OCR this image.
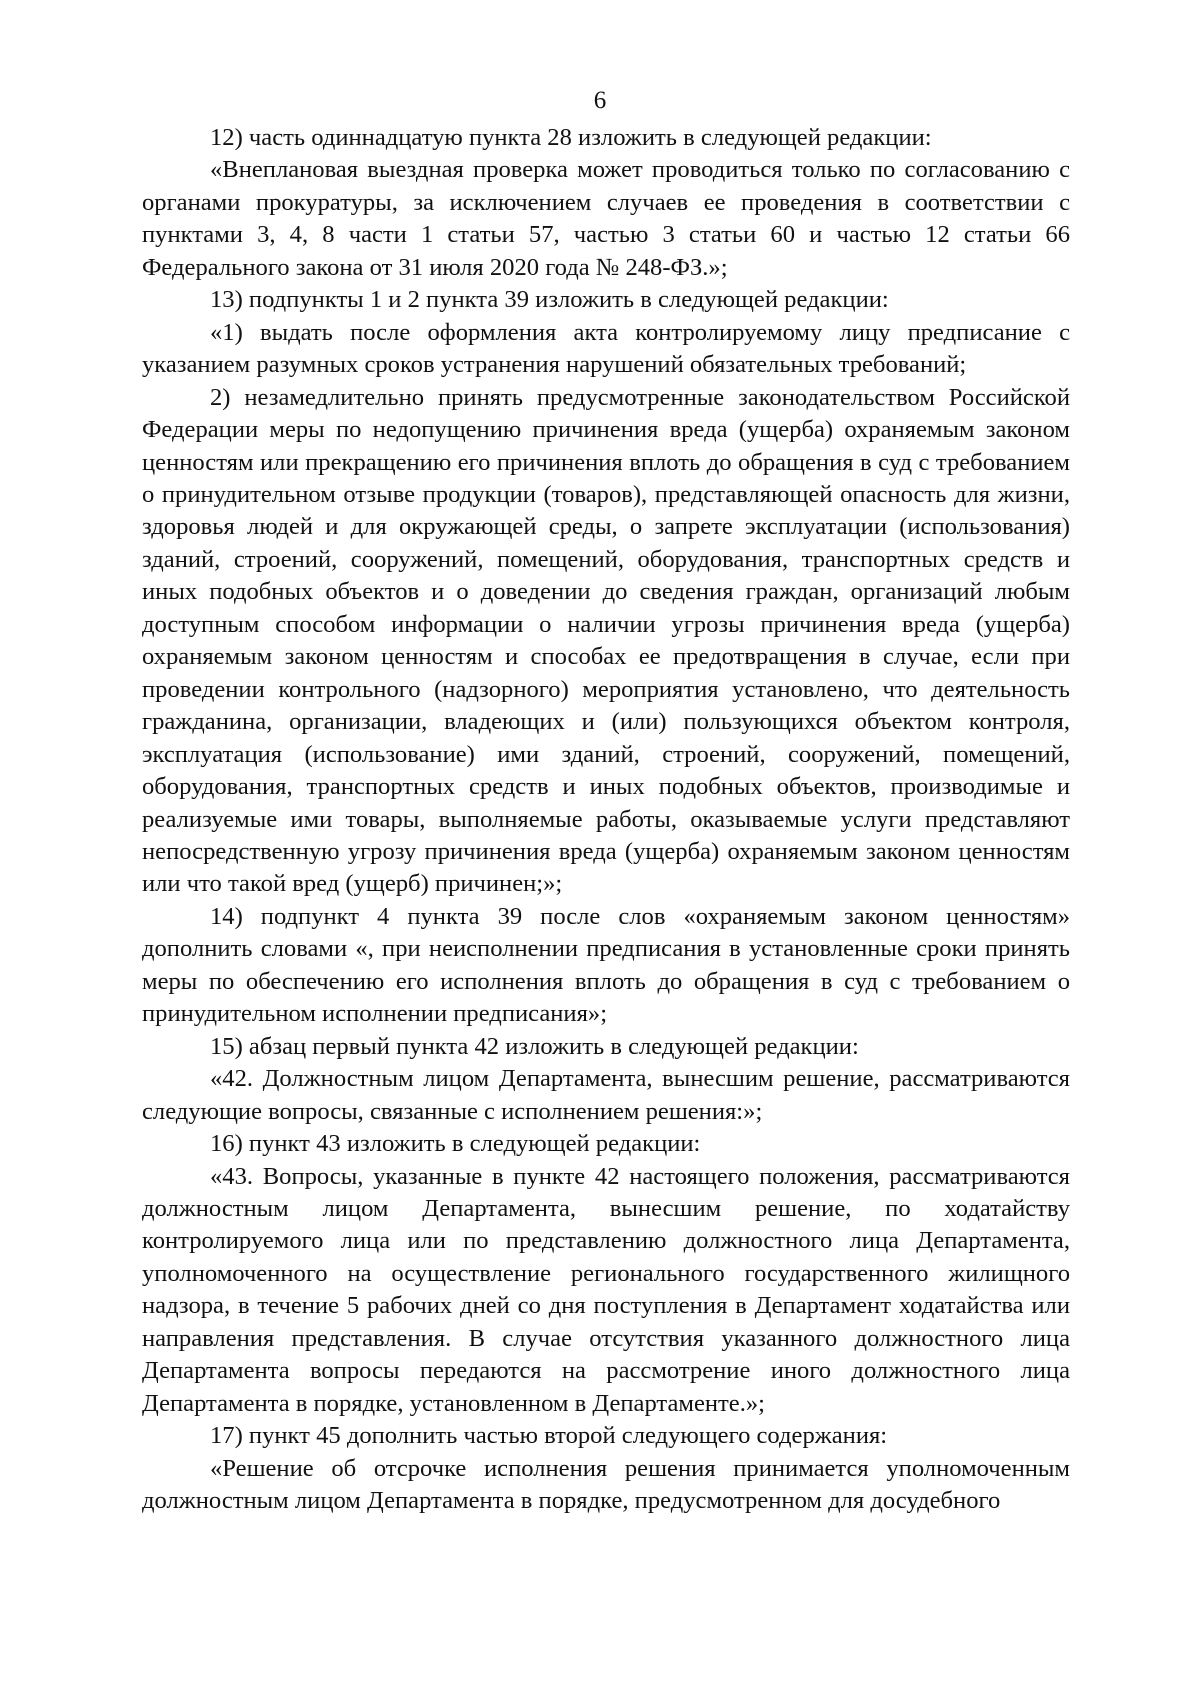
6

12) часть одиннадцатую пункта 28 изложить в следующей редакции:

«Внеплановая выездная проверка может проводиться только по согласованию с органами прокуратуры, за исключением случаев ее проведения в соответствии с пунктами 3, 4, 8 части 1 статьи 57, частью 3 статьи 60 и частью 12 статьи 66 Федерального закона от 31 июля 2020 года № 248-ФЗ.»;

13) подпункты 1 и 2 пункта 39 изложить в следующей редакции:

«1) выдать после оформления акта контролируемому лицу предписание с указанием разумных сроков устранения нарушений обязательных требований;

2) незамедлительно принять предусмотренные законодательством Российской Федерации меры по недопущению причинения вреда (ущерба) охраняемым законом ценностям или прекращению его причинения вплоть до обращения в суд с требованием о принудительном отзыве продукции (товаров), представляющей опасность для жизни, здоровья людей и для окружающей среды, о запрете эксплуатации (использования) зданий, строений, сооружений, помещений, оборудования, транспортных средств и иных подобных объектов и о доведении до сведения граждан, организаций любым доступным способом информации о наличии угрозы причинения вреда (ущерба) охраняемым законом ценностям и способах ее предотвращения в случае, если при проведении контрольного (надзорного) мероприятия установлено, что деятельность гражданина, организации, владеющих и (или) пользующихся объектом контроля, эксплуатация (использование) ими зданий, строений, сооружений, помещений, оборудования, транспортных средств и иных подобных объектов, производимые и реализуемые ими товары, выполняемые работы, оказываемые услуги представляют непосредственную угрозу причинения вреда (ущерба) охраняемым законом ценностям или что такой вред (ущерб) причинен;»;

14) подпункт 4 пункта 39 после слов «охраняемым законом ценностям» дополнить словами «, при неисполнении предписания в установленные сроки принять меры по обеспечению его исполнения вплоть до обращения в суд с требованием о принудительном исполнении предписания»;

15) абзац первый пункта 42 изложить в следующей редакции:

«42. Должностным лицом Департамента, вынесшим решение, рассматриваются следующие вопросы, связанные с исполнением решения:»;

16) пункт 43 изложить в следующей редакции:

«43. Вопросы, указанные в пункте 42 настоящего положения, рассматриваются должностным лицом Департамента, вынесшим решение, по ходатайству контролируемого лица или по представлению должностного лица Департамента, уполномоченного на осуществление регионального государственного жилищного надзора, в течение 5 рабочих дней со дня поступления в Департамент ходатайства или направления представления. В случае отсутствия указанного должностного лица Департамента вопросы передаются на рассмотрение иного должностного лица Департамента в порядке, установленном в Департаменте.»;

17) пункт 45 дополнить частью второй следующего содержания:

«Решение об отсрочке исполнения решения принимается уполномоченным должностным лицом Департамента в порядке, предусмотренном для досудебного
